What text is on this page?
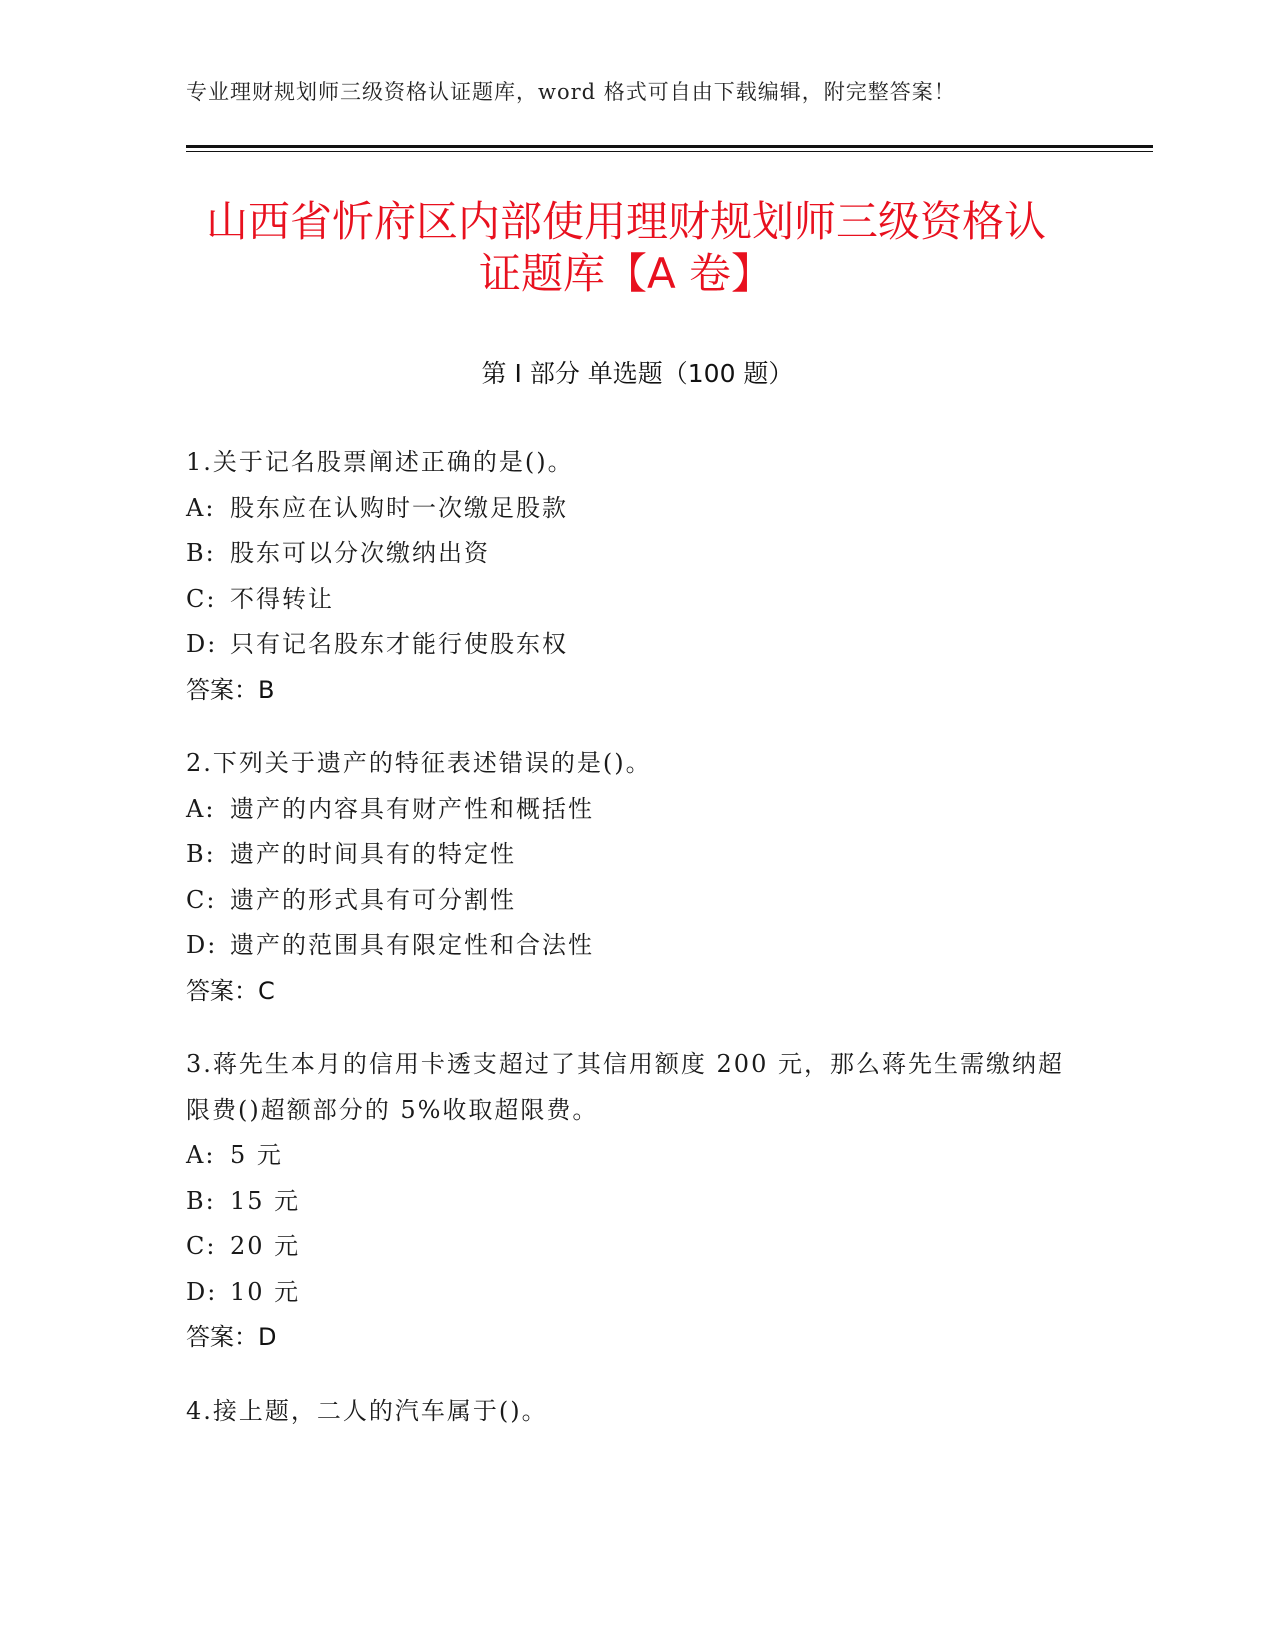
专业理财规划师三级资格认证题库，word 格式可自由下载编辑，附完整答案！
山西省忻府区内部使用理财规划师三级资格认证题库【A 卷】
第 I 部分 单选题（100 题）
1.关于记名股票阐述正确的是()。
A: 股东应在认购时一次缴足股款
B: 股东可以分次缴纳出资
C: 不得转让
D: 只有记名股东才能行使股东权
答案：B
2.下列关于遗产的特征表述错误的是()。
A: 遗产的内容具有财产性和概括性
B: 遗产的时间具有的特定性
C: 遗产的形式具有可分割性
D: 遗产的范围具有限定性和合法性
答案：C
3.蒋先生本月的信用卡透支超过了其信用额度 200 元，那么蒋先生需缴纳超限费()超额部分的 5%收取超限费。
A: 5 元
B: 15 元
C: 20 元
D: 10 元
答案：D
4.接上题，二人的汽车属于()。
